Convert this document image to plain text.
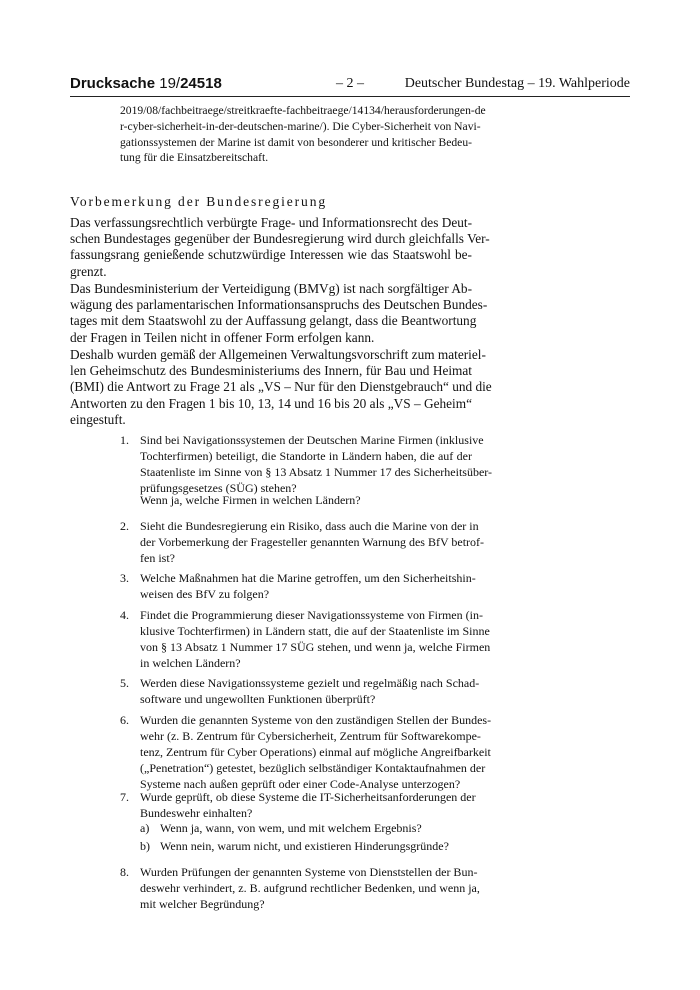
Drucksache 19/24518	– 2 –	Deutscher Bundestag – 19. Wahlperiode
2019/08/fachbeitraege/streitkraefte-fachbeitraege/14134/herausforderungen-de
r-cyber-sicherheit-in-der-deutschen-marine/). Die Cyber-Sicherheit von Navi-
gationssystemen der Marine ist damit von besonderer und kritischer Bedeu-
tung für die Einsatzbereitschaft.
Vorbemerkung der Bundesregierung
Das verfassungsrechtlich verbürgte Frage- und Informationsrecht des Deut-
schen Bundestages gegenüber der Bundesregierung wird durch gleichfalls Ver-
fassungsrang genießende schutzwürdige Interessen wie das Staatswohl be-
grenzt.
Das Bundesministerium der Verteidigung (BMVg) ist nach sorgfältiger Ab-
wägung des parlamentarischen Informationsanspruchs des Deutschen Bundes-
tages mit dem Staatswohl zu der Auffassung gelangt, dass die Beantwortung
der Fragen in Teilen nicht in offener Form erfolgen kann.
Deshalb wurden gemäß der Allgemeinen Verwaltungsvorschrift zum materiel-
len Geheimschutz des Bundesministeriums des Innern, für Bau und Heimat
(BMI) die Antwort zu Frage 21 als „VS – Nur für den Dienstgebrauch“ und die
Antworten zu den Fragen 1 bis 10, 13, 14 und 16 bis 20 als „VS – Geheim“
eingestuft.
1. Sind bei Navigationssystemen der Deutschen Marine Firmen (inklusive
Tochterfirmen) beteiligt, die Standorte in Ländern haben, die auf der
Staatenliste im Sinne von § 13 Absatz 1 Nummer 17 des Sicherheitsüber-
prüfungsgesetzes (SÜG) stehen?
Wenn ja, welche Firmen in welchen Ländern?
2. Sieht die Bundesregierung ein Risiko, dass auch die Marine von der in
der Vorbemerkung der Fragesteller genannten Warnung des BfV betrof-
fen ist?
3. Welche Maßnahmen hat die Marine getroffen, um den Sicherheitshin-
weisen des BfV zu folgen?
4. Findet die Programmierung dieser Navigationssysteme von Firmen (in-
klusive Tochterfirmen) in Ländern statt, die auf der Staatenliste im Sinne
von § 13 Absatz 1 Nummer 17 SÜG stehen, und wenn ja, welche Firmen
in welchen Ländern?
5. Werden diese Navigationssysteme gezielt und regelmäßig nach Schad-
software und ungewollten Funktionen überprüft?
6. Wurden die genannten Systeme von den zuständigen Stellen der Bundes-
wehr (z. B. Zentrum für Cybersicherheit, Zentrum für Softwarekompe-
tenz, Zentrum für Cyber Operations) einmal auf mögliche Angreifbarkeit
(„Penetration“) getestet, bezüglich selbständiger Kontaktaufnahmen der
Systeme nach außen geprüft oder einer Code-Analyse unterzogen?
7. Wurde geprüft, ob diese Systeme die IT-Sicherheitsanforderungen der
Bundeswehr einhalten?
a) Wenn ja, wann, von wem, und mit welchem Ergebnis?
b) Wenn nein, warum nicht, und existieren Hinderungsgründe?
8. Wurden Prüfungen der genannten Systeme von Dienststellen der Bun-
deswehr verhindert, z. B. aufgrund rechtlicher Bedenken, und wenn ja,
mit welcher Begründung?
